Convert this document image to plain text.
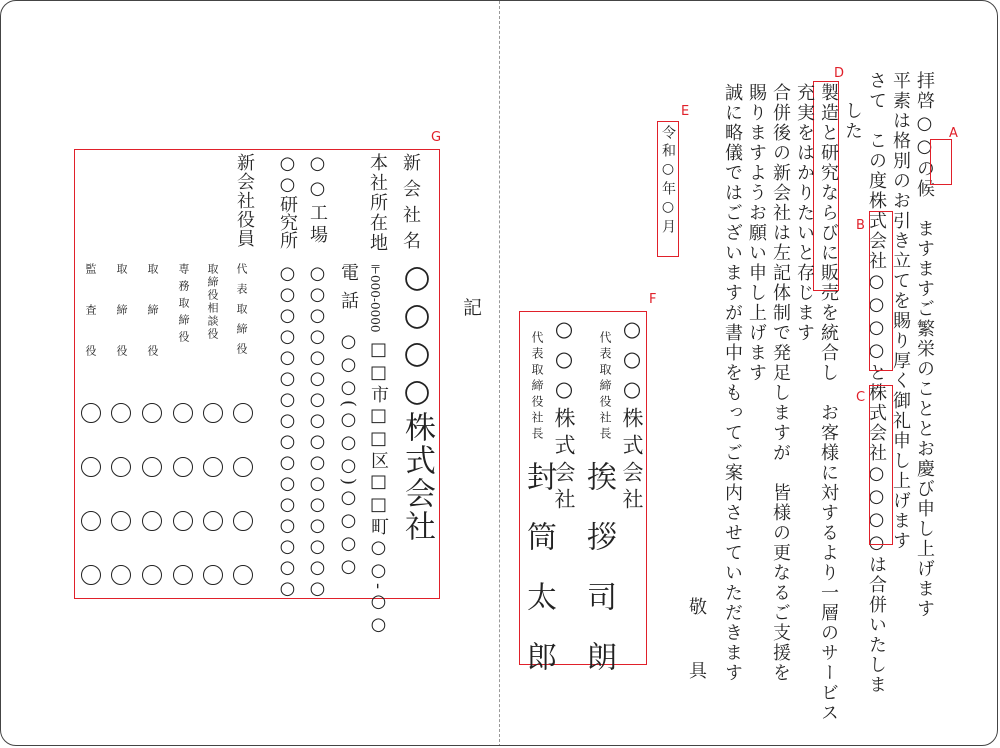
拝啓
○○の候　ますますご繁栄のこととお慶び申し上げます
A
平素は格別のお引き立てを賜り厚く御礼申し上げます
さて　この度株式会社○○○○と株式会社○○○○は合併いたしま
B
C
した
製造と研究ならびに販売を統合し　お客様に対するより一層のサービス
D
充実をはかりたいと存じます
合併後の新会社は左記体制で発足しますが　皆様の更なるご支援を
賜りますようお願い申し上げます
誠に略儀ではございますが書中をもってご案内させていただきます
敬　具
令和○年○月
E
F
○○○株式会社
代表取締役社長
挨拶司朗
○○○株式会社
代表取締役社長
封筒太郎
記
G
新会社名
○○○○株式会社
本社所在地
〒000-0000
□□市□□区□□町○○-○○
電話
○○○(○○○)○○○○
○○工場
○○○○○○○○○○○○○○○○
○○研究所
○○○○○○○○○○○○○○○○
新会社役員
代表取締役
取締役相談役
専務取締役
取締役
取締役
監査役
